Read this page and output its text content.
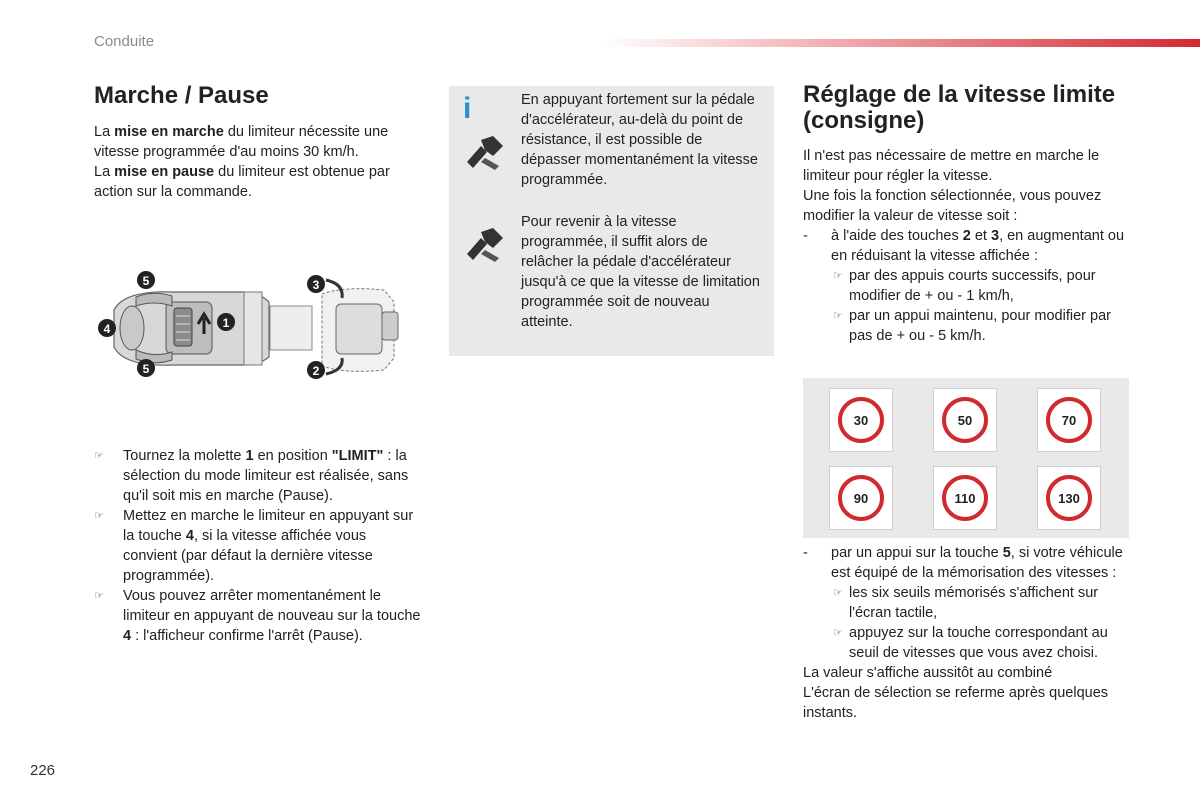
Conduite
Marche / Pause

La mise en marche du limiteur nécessite une vitesse programmée d'au moins 30 km/h.

La mise en pause du limiteur est obtenue par action sur la commande.

5
4
5
1
3
2
☞ Tournez la molette 1 en position "LIMIT" : la sélection du mode limiteur est réalisée, sans qu'il soit mis en marche (Pause).
☞ Mettez en marche le limiteur en appuyant sur la touche 4, si la vitesse affichée vous convient (par défaut la dernière vitesse programmée).
☞ Vous pouvez arrêter momentanément le limiteur en appuyant de nouveau sur la touche 4 : l'afficheur confirme l'arrêt (Pause).
i	En appuyant fortement sur la pédale d'accélérateur, au-delà du point de résistance, il est possible de dépasser momentanément la vitesse programmée.
Pour revenir à la vitesse programmée, il suffit alors de relâcher la pédale d'accélérateur jusqu'à ce que la vitesse de limitation programmée soit de nouveau atteinte.
Réglage de la vitesse limite (consigne)

Il n'est pas nécessaire de mettre en marche le limiteur pour régler la vitesse.

Une fois la fonction sélectionnée, vous pouvez modifier la valeur de vitesse soit :

- à l'aide des touches 2 et 3, en augmentant ou en réduisant la vitesse affichée :
☞ par des appuis courts successifs, pour modifier de + ou - 1 km/h,
☞ par un appui maintenu, pour modifier par pas de + ou - 5 km/h.
30	50	70
90	110	130
- par un appui sur la touche 5, si votre véhicule est équipé de la mémorisation des vitesses :
☞ les six seuils mémorisés s'affichent sur l'écran tactile,
☞ appuyez sur la touche correspondant au seuil de vitesses que vous avez choisi.

La valeur s'affiche aussitôt au combiné

L'écran de sélection se referme après quelques instants.

226
